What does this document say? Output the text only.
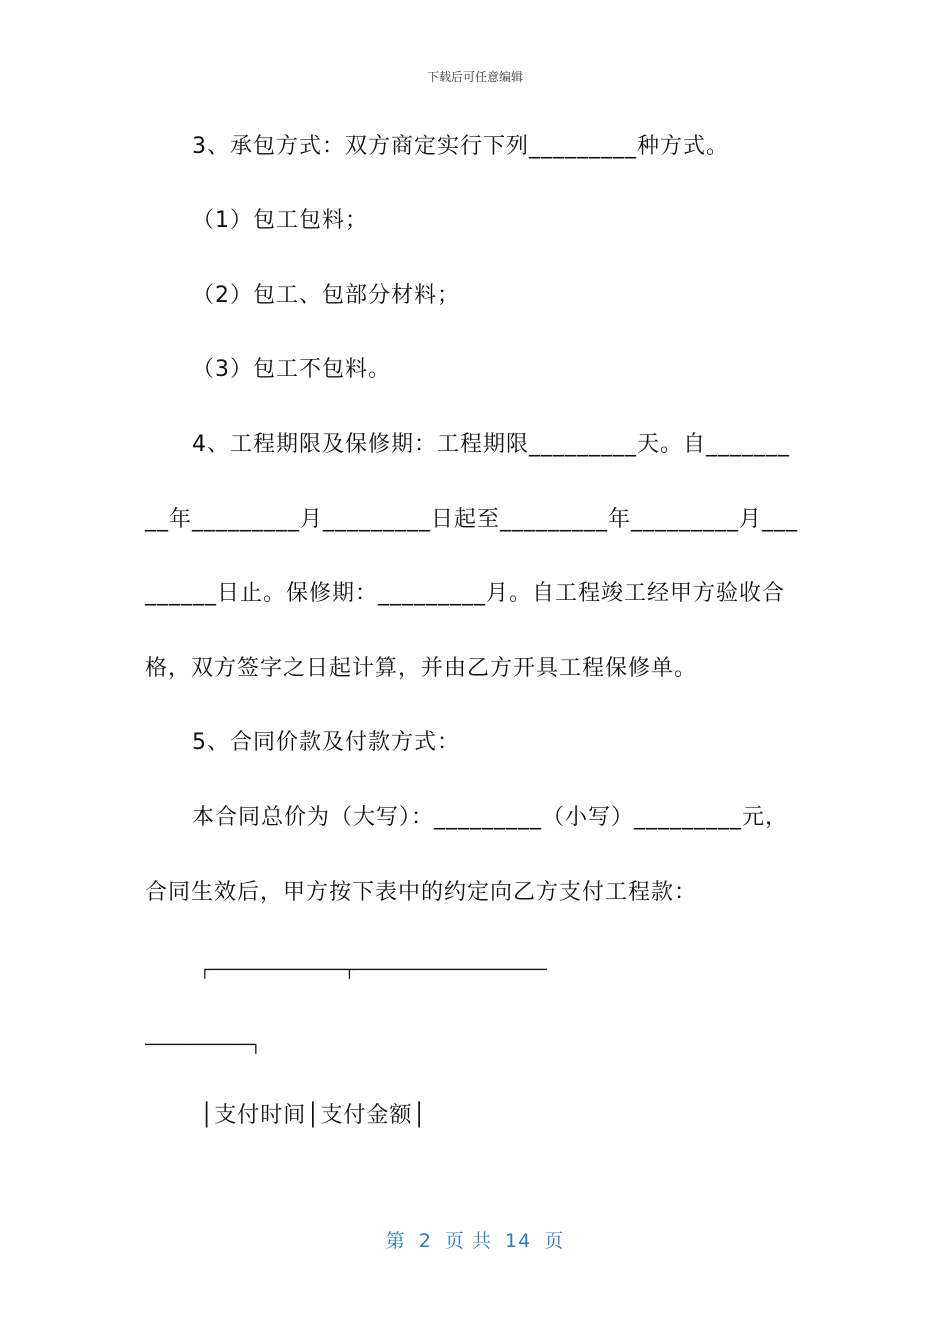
下载后可任意编辑
3、承包方式：双方商定实行下列_________种方式。
（1）包工包料；
（2）包工、包部分材料；
（3）包工不包料。
4、工程期限及保修期：工程期限_________天。自_______
__年_________月_________日起至_________年_________月___
______日止。保修期：_________月。自工程竣工经甲方验收合
格，双方签字之日起计算，并由乙方开具工程保修单。
5、合同价款及付款方式：
本合同总价为（大写）：_________（小写）_________元，
合同生效后，甲方按下表中的约定向乙方支付工程款：
┌──────────────┬────────────────────
───────────┐
│支付时间│支付金额│
第 2 页 共 14 页
